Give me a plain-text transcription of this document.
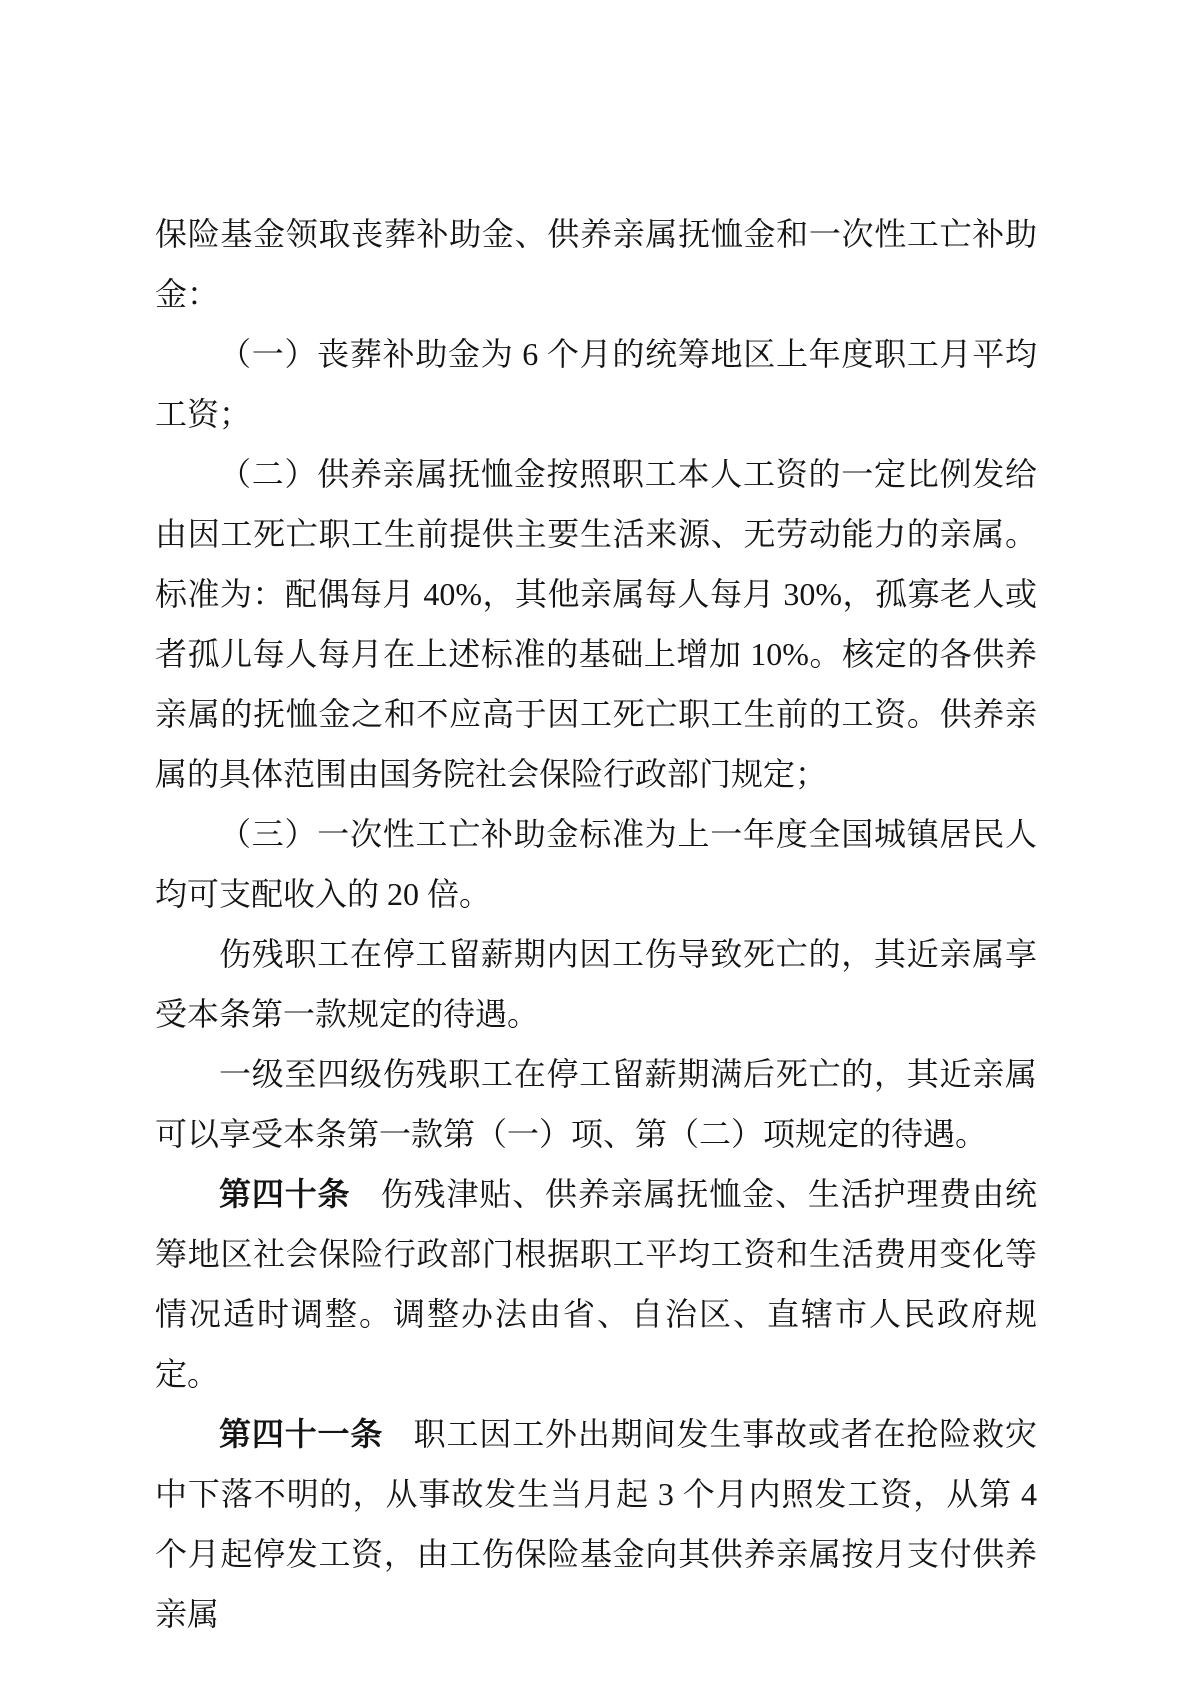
保险基金领取丧葬补助金、供养亲属抚恤金和一次性工亡补助金：

（一）丧葬补助金为 6 个月的统筹地区上年度职工月平均工资；

（二）供养亲属抚恤金按照职工本人工资的一定比例发给由因工死亡职工生前提供主要生活来源、无劳动能力的亲属。标准为：配偶每月 40%，其他亲属每人每月 30%，孤寡老人或者孤儿每人每月在上述标准的基础上增加 10%。核定的各供养亲属的抚恤金之和不应高于因工死亡职工生前的工资。供养亲属的具体范围由国务院社会保险行政部门规定；

（三）一次性工亡补助金标准为上一年度全国城镇居民人均可支配收入的 20 倍。

伤残职工在停工留薪期内因工伤导致死亡的，其近亲属享受本条第一款规定的待遇。

一级至四级伤残职工在停工留薪期满后死亡的，其近亲属可以享受本条第一款第（一）项、第（二）项规定的待遇。

第四十条 伤残津贴、供养亲属抚恤金、生活护理费由统筹地区社会保险行政部门根据职工平均工资和生活费用变化等情况适时调整。调整办法由省、自治区、直辖市人民政府规定。

第四十一条 职工因工外出期间发生事故或者在抢险救灾中下落不明的，从事故发生当月起 3 个月内照发工资，从第 4 个月起停发工资，由工伤保险基金向其供养亲属按月支付供养亲属
